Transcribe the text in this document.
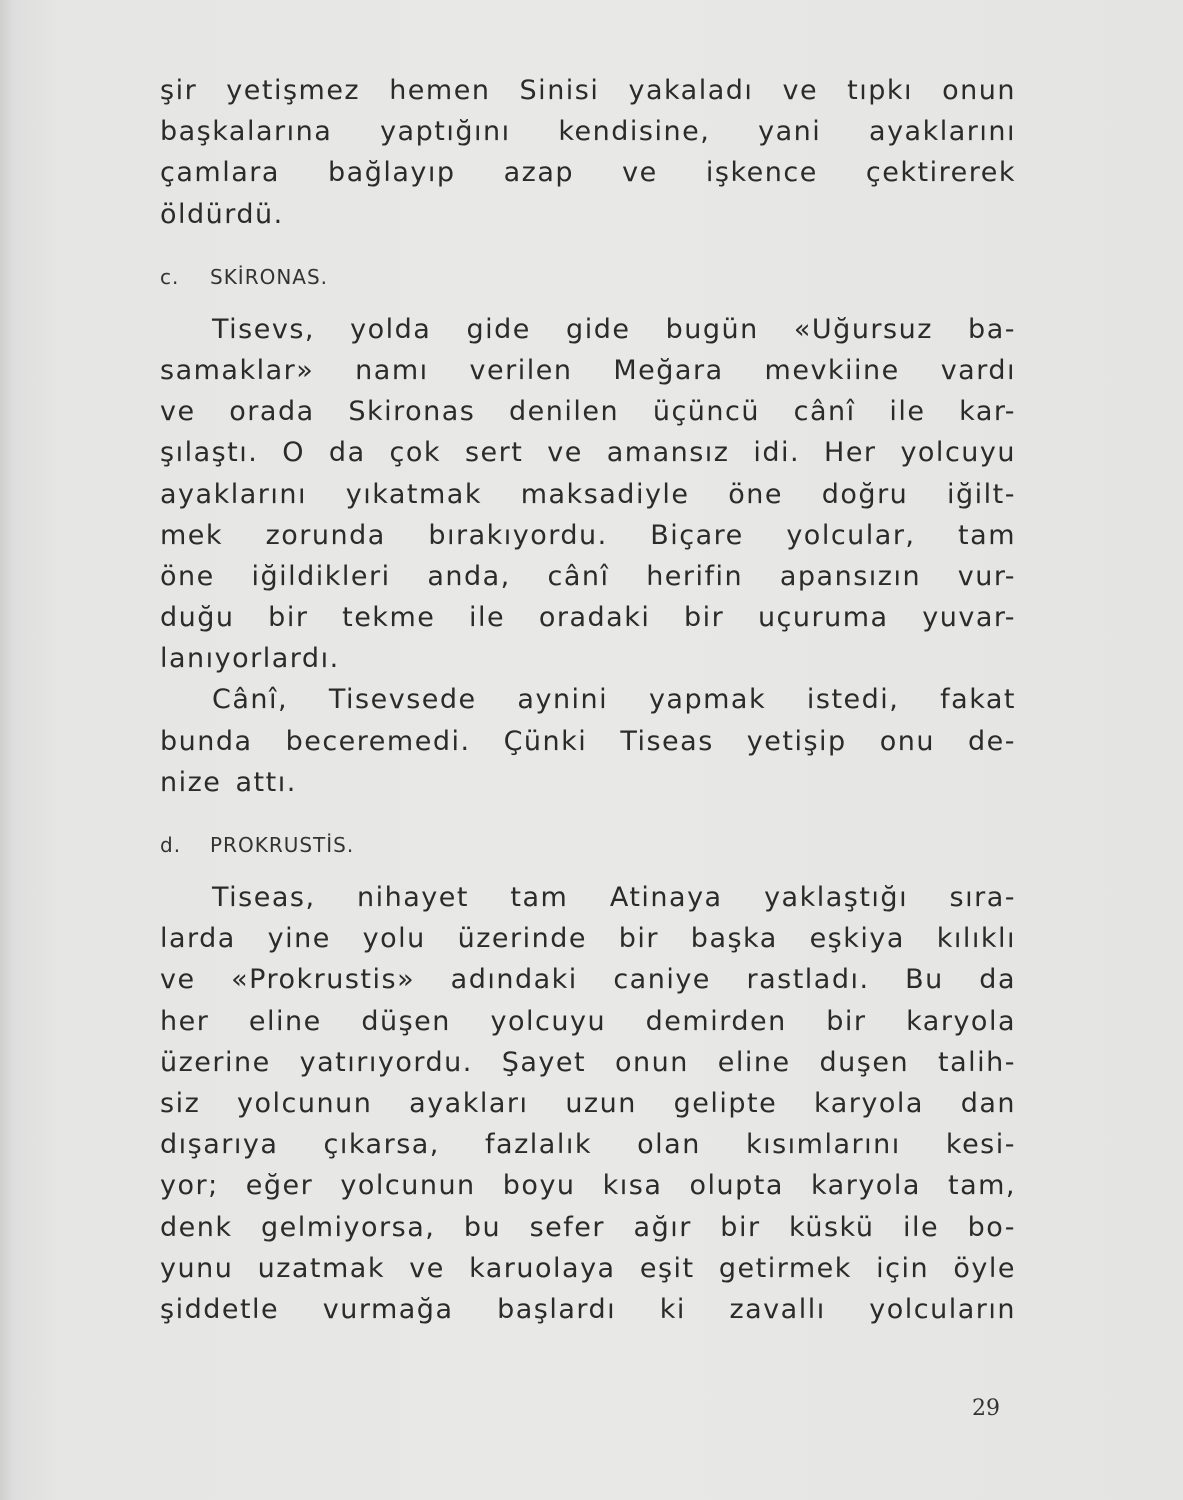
şir yetişmez hemen Sinisi yakaladı ve tıpkı onun
başkalarına yaptığını kendisine, yani ayaklarını
çamlara bağlayıp azap ve işkence çektirerek
öldürdü.
c. SKİRONAS.
Tisevs, yolda gide gide bugün «Uğursuz ba-
samaklar» namı verilen Meğara mevkiine vardı
ve orada Skironas denilen üçüncü cânî ile kar-
şılaştı. O da çok sert ve amansız idi. Her yolcuyu
ayaklarını yıkatmak maksadiyle öne doğru iğilt-
mek zorunda bırakıyordu. Biçare yolcular, tam
öne iğildikleri anda, cânî herifin apansızın vur-
duğu bir tekme ile oradaki bir uçuruma yuvar-
lanıyorlardı.
Cânî, Tisevsede aynini yapmak istedi, fakat
bunda beceremedi. Çünki Tiseas yetişip onu de-
nize attı.
d. PROKRUSTİS.
Tiseas, nihayet tam Atinaya yaklaştığı sıra-
larda yine yolu üzerinde bir başka eşkiya kılıklı
ve «Prokrustis» adındaki caniye rastladı. Bu da
her eline düşen yolcuyu demirden bir karyola
üzerine yatırıyordu. Şayet onun eline duşen talih-
siz yolcunun ayakları uzun gelipte karyola dan
dışarıya çıkarsa, fazlalık olan kısımlarını kesi-
yor; eğer yolcunun boyu kısa olupta karyola tam,
denk gelmiyorsa, bu sefer ağır bir küskü ile bo-
yunu uzatmak ve karuolaya eşit getirmek için öyle
şiddetle vurmağa başlardı ki zavallı yolcuların
29
